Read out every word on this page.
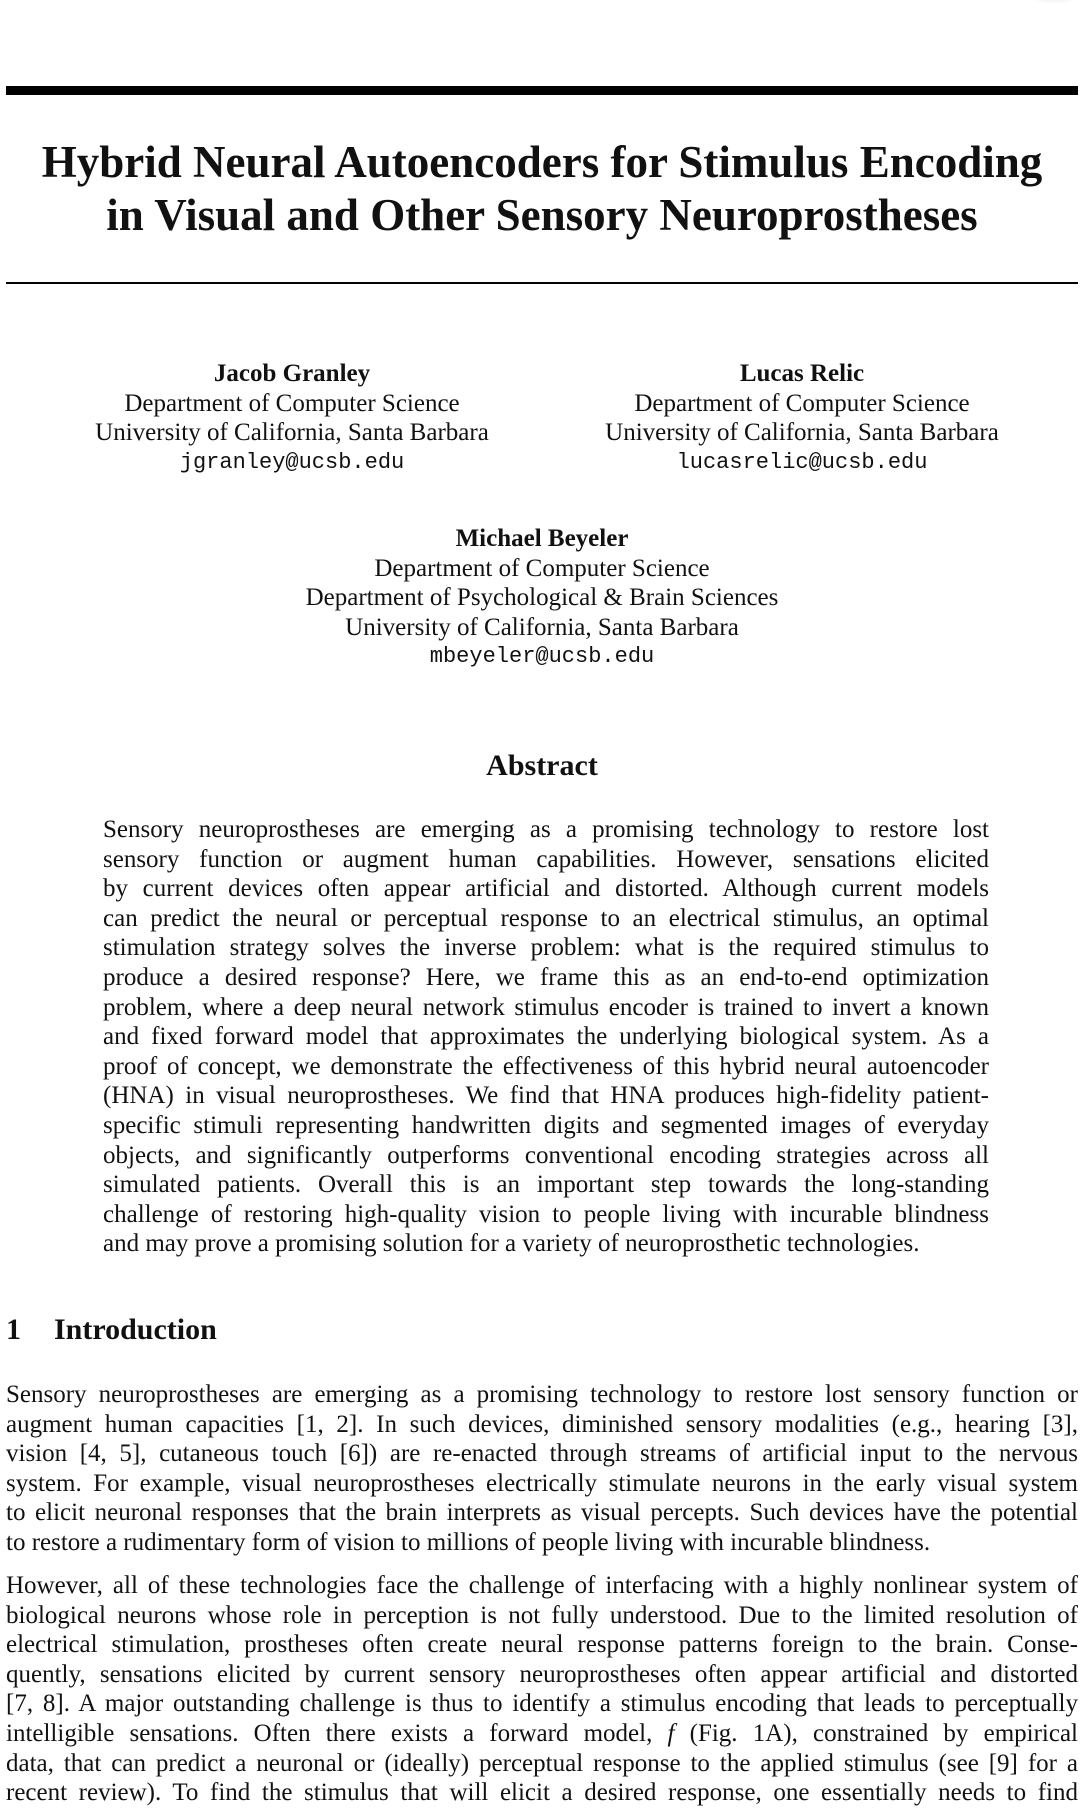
Hybrid Neural Autoencoders for Stimulus Encoding
in Visual and Other Sensory Neuroprostheses
Jacob Granley
Department of Computer Science
University of California, Santa Barbara
jgranley@ucsb.edu
Lucas Relic
Department of Computer Science
University of California, Santa Barbara
lucasrelic@ucsb.edu
Michael Beyeler
Department of Computer Science
Department of Psychological & Brain Sciences
University of California, Santa Barbara
mbeyeler@ucsb.edu
Abstract
Sensory neuroprostheses are emerging as a promising technology to restore lost
sensory function or augment human capabilities. However, sensations elicited
by current devices often appear artificial and distorted. Although current models
can predict the neural or perceptual response to an electrical stimulus, an optimal
stimulation strategy solves the inverse problem: what is the required stimulus to
produce a desired response? Here, we frame this as an end-to-end optimization
problem, where a deep neural network stimulus encoder is trained to invert a known
and fixed forward model that approximates the underlying biological system. As a
proof of concept, we demonstrate the effectiveness of this hybrid neural autoencoder
(HNA) in visual neuroprostheses. We find that HNA produces high-fidelity patient-
specific stimuli representing handwritten digits and segmented images of everyday
objects, and significantly outperforms conventional encoding strategies across all
simulated patients. Overall this is an important step towards the long-standing
challenge of restoring high-quality vision to people living with incurable blindness
and may prove a promising solution for a variety of neuroprosthetic technologies.
1 Introduction
Sensory neuroprostheses are emerging as a promising technology to restore lost sensory function or
augment human capacities [1, 2]. In such devices, diminished sensory modalities (e.g., hearing [3],
vision [4, 5], cutaneous touch [6]) are re-enacted through streams of artificial input to the nervous
system. For example, visual neuroprostheses electrically stimulate neurons in the early visual system
to elicit neuronal responses that the brain interprets as visual percepts. Such devices have the potential
to restore a rudimentary form of vision to millions of people living with incurable blindness.
However, all of these technologies face the challenge of interfacing with a highly nonlinear system of
biological neurons whose role in perception is not fully understood. Due to the limited resolution of
electrical stimulation, prostheses often create neural response patterns foreign to the brain. Conse-
quently, sensations elicited by current sensory neuroprostheses often appear artificial and distorted
[7, 8]. A major outstanding challenge is thus to identify a stimulus encoding that leads to perceptually
intelligible sensations. Often there exists a forward model, f (Fig. 1A), constrained by empirical
data, that can predict a neuronal or (ideally) perceptual response to the applied stimulus (see [9] for a
recent review). To find the stimulus that will elicit a desired response, one essentially needs to find
